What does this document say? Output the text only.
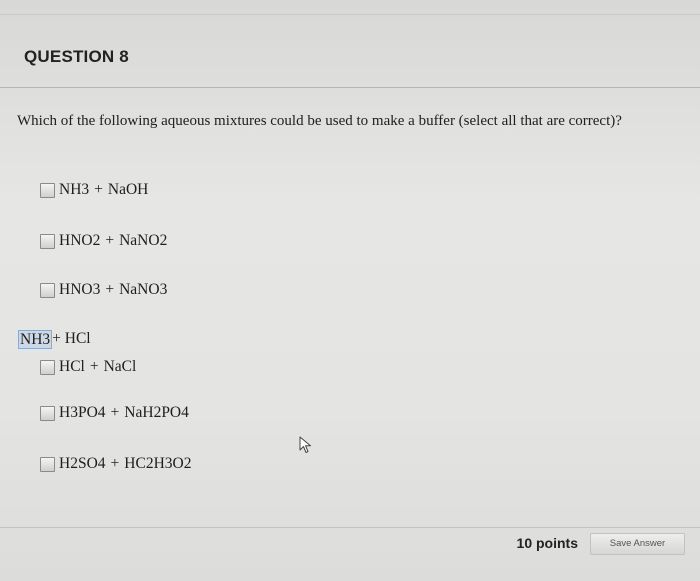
QUESTION 8
Which of the following aqueous mixtures could be used to make a buffer (select all that are correct)?
NH3 + NaOH
HNO2 + NaNO2
HNO3 + NaNO3
NH3 + HCl
HCl + NaCl
H3PO4 + NaH2PO4
H2SO4 + HC2H3O2
10 points	Save Answer
